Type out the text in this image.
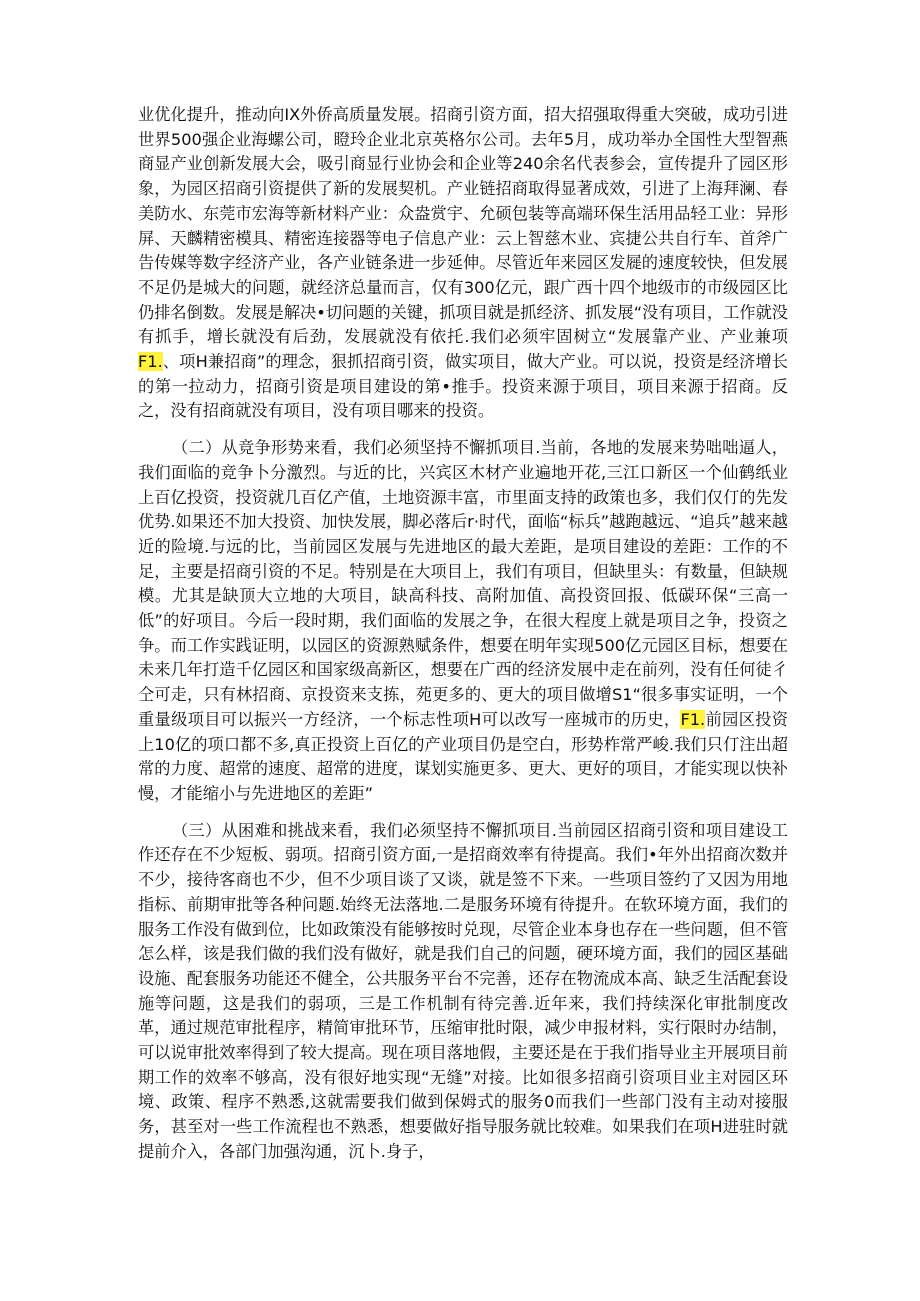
业优化提升，推动向IX外侨高质量发展。招商引资方面，招大招强取得重大突破，成功引进世界500强企业海螺公司，瞪玲企业北京英格尔公司。去年5月，成功举办全国性大型智燕商显产业创新发展大会，吸引商显行业协会和企业等240余名代表参会，宣传提升了园区形象，为园区招商引资提供了新的发展契机。产业链招商取得显著成效，引进了上海拜澜、春美防水、东莞市宏海等新材料产业：众盎赏宇、允硕包装等高端环保生活用品轻工业：异形屏、天麟精密模具、精密连接器等电子信息产业：云上智慈木业、宾捷公共自行车、首斧广告传媒等数字经济产业，各产业链条进一步延伸。尽管近年来园区发屣的速度较快，但发展不足仍是城大的问题，就经济总量而言，仅有300亿元，跟广西十四个地级市的市级园区比仍排名倒数。发展是解决•切问题的关键，抓项目就是抓经济、抓发展“没有项目，工作就没有抓手，增长就没有后劲，发展就没有依托.我们必须牢固树立“发展靠产业、产业兼项F1.、项H兼招商”的理念，狠抓招商引资，做实项目，做大产业。可以说，投资是经济增长的第一拉动力，招商引资是项目建设的第•推手。投资来源于项目，项目来源于招商。反之，没有招商就没有项目，没有项目哪来的投资。

（二）从竞争形势来看，我们必须坚持不懈抓项目.当前，各地的发展来势咄咄逼人，我们面临的竞争卜分激烈。与近的比，兴宾区木材产业遍地开花,三江口新区一个仙鹤纸业上百亿投资，投资就几百亿产值，土地资源丰富，市里面支持的政策也多，我们仅仃的先发优势.如果还不加大投资、加快发展，脚必落后r·时代，面临“标兵”越跑越远、“追兵”越来越近的险境.与远的比，当前园区发展与先进地区的最大差距，是项目建设的差距：工作的不足，主要是招商引资的不足。特别是在大项目上，我们有项目，但缺里头：有数量，但缺规模。尤其是缺顶大立地的大项目，缺高科技、高附加值、高投资回报、低碳环保“三高一低”的好项目。今后一段时期，我们面临的发展之争，在很大程度上就是项目之争，投资之争。而工作实践证明，以园区的资源熟赋条件，想要在明年实现500亿元园区目标，想要在未来几年打造千亿园区和国家级高新区，想要在广西的经济发展中走在前列，没有任何徒彳仝可走，只有林招商、京投资来支拣，苑更多的、更大的项目做增S1“很多事实证明，一个重量级项目可以振兴一方经济，一个标志性项H可以改写一座城市的历史，F1.前园区投资上10亿的项口都不多,真正投资上百亿的产业项目仍是空白，形势柞常严峻.我们只仃注出超常的力度、超常的速度、超常的进度，谋划实施更多、更大、更好的项目，才能实现以快补慢，才能缩小与先进地区的差距”

（三）从困难和挑战来看，我们必须坚持不懈抓项目.当前园区招商引资和项目建设工作还存在不少短板、弱项。招商引资方面,一是招商效率有待提高。我们•年外出招商次数并不少，接待客商也不少，但不少项目谈了又谈，就是签不下来。一些项目签约了又因为用地指标、前期审批等各种问题.始终无法落地.二是服务环境有待提升。在软环境方面，我们的服务工作没有做到位，比如政策没有能够按时兑现，尽管企业本身也存在一些问题，但不管怎么样，该是我们做的我们没有做好，就是我们自己的问题，硬环境方面，我们的园区基础设施、配套服务功能还不健全，公共服务平台不完善，还存在物流成本高、缺乏生活配套设施等问题，这是我们的弱项，三是工作机制有待完善.近年来，我们持续深化审批制度改革，通过规范审批程序，精简审批环节，压缩审批时限，减少申报材料，实行限时办结制，可以说审批效率得到了较大提高。现在项目落地假，主要还是在于我们指导业主开展项目前期工作的效率不够高，没有很好地实现“无缝”对接。比如很多招商引资项目业主对园区环境、政策、程序不熟悉,这就需要我们做到保姆式的服务0而我们一些部门没有主动对接服务，甚至对一些工作流程也不熟悉，想要做好指导服务就比较难。如果我们在项H进驻时就提前介入，各部门加强沟通，沉卜.身子，
